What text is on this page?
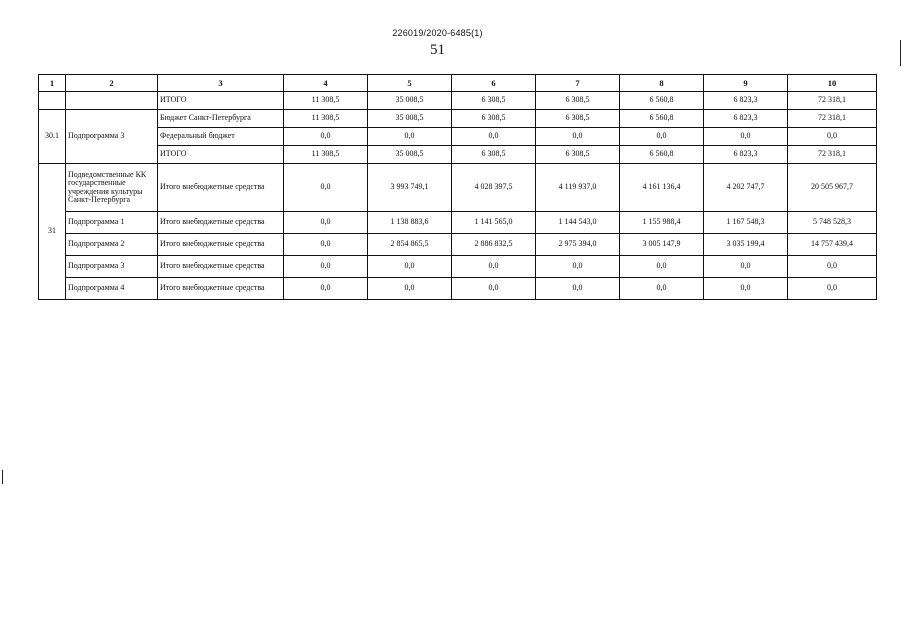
226019/2020-6485(1)
51
1	2	3	4	5	6	7	8	9	10
		ИТОГО	11 308,5	35 008,5	6 308,5	6 308,5	6 560,8	6 823,3	72 318,1
30.1	Подпрограмма 3	Бюджет Санкт-Петербурга	11 308,5	35 008,5	6 308,5	6 308,5	6 560,8	6 823,3	72 318,1
		Федеральный бюджет	0,0	0,0	0,0	0,0	0,0	0,0	0,0
		ИТОГО	11 308,5	35 008,5	6 308,5	6 308,5	6 560,8	6 823,3	72 318,1
31	Подведомственные КК государственные учреждения культуры Санкт-Петербурга	Итого внебюджетные средства	0,0	3 993 749,1	4 028 397,5	4 119 937,0	4 161 136,4	4 202 747,7	20 505 967,7
	Подпрограмма 1	Итого внебюджетные средства	0,0	1 138 883,6	1 141 565,0	1 144 543,0	1 155 988,4	1 167 548,3	5 748 528,3
	Подпрограмма 2	Итого внебюджетные средства	0,0	2 854 865,5	2 886 832,5	2 975 394,0	3 005 147,9	3 035 199,4	14 757 439,4
	Подпрограмма 3	Итого внебюджетные средства	0,0	0,0	0,0	0,0	0,0	0,0	0,0
	Подпрограмма 4	Итого внебюджетные средства	0,0	0,0	0,0	0,0	0,0	0,0	0,0
